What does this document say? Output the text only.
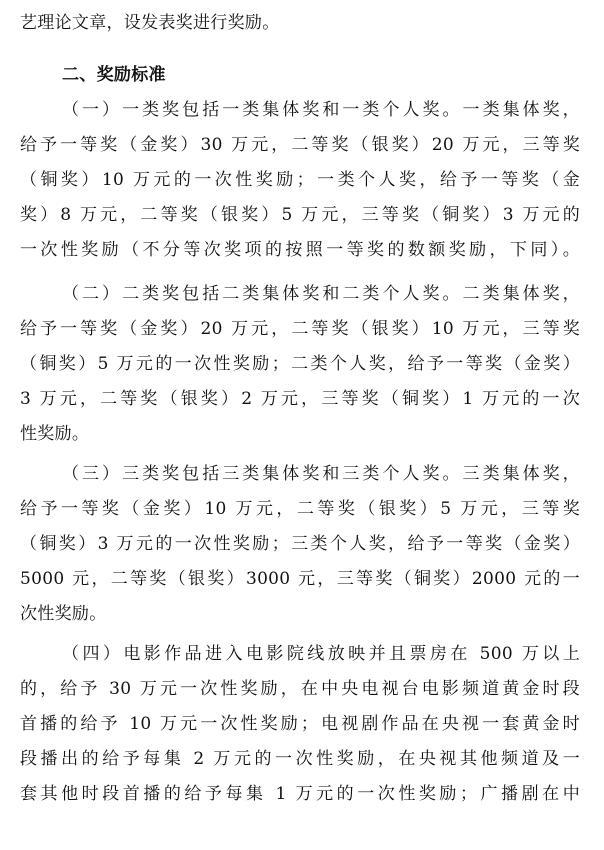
艺理论文章，设发表奖进行奖励。
二、奖励标准
（一）一类奖包括一类集体奖和一类个人奖。一类集体奖，
给予一等奖（金奖）30 万元，二等奖（银奖）20 万元，三等奖
（铜奖）10 万元的一次性奖励；一类个人奖，给予一等奖（金
奖）8 万元，二等奖（银奖）5 万元，三等奖（铜奖）3 万元的
一次性奖励（不分等次奖项的按照一等奖的数额奖励，下同）。
（二）二类奖包括二类集体奖和二类个人奖。二类集体奖，
给予一等奖（金奖）20 万元，二等奖（银奖）10 万元，三等奖
（铜奖）5 万元的一次性奖励；二类个人奖，给予一等奖（金奖）
3 万元，二等奖（银奖）2 万元，三等奖（铜奖）1 万元的一次
性奖励。
（三）三类奖包括三类集体奖和三类个人奖。三类集体奖，
给予一等奖（金奖）10 万元，二等奖（银奖）5 万元，三等奖
（铜奖）3 万元的一次性奖励；三类个人奖，给予一等奖（金奖）
5000 元，二等奖（银奖）3000 元，三等奖（铜奖）2000 元的一
次性奖励。
（四）电影作品进入电影院线放映并且票房在 500 万以上
的，给予 30 万元一次性奖励，在中央电视台电影频道黄金时段
首播的给予 10 万元一次性奖励；电视剧作品在央视一套黄金时
段播出的给予每集 2 万元的一次性奖励，在央视其他频道及一
套其他时段首播的给予每集 1 万元的一次性奖励；广播剧在中
